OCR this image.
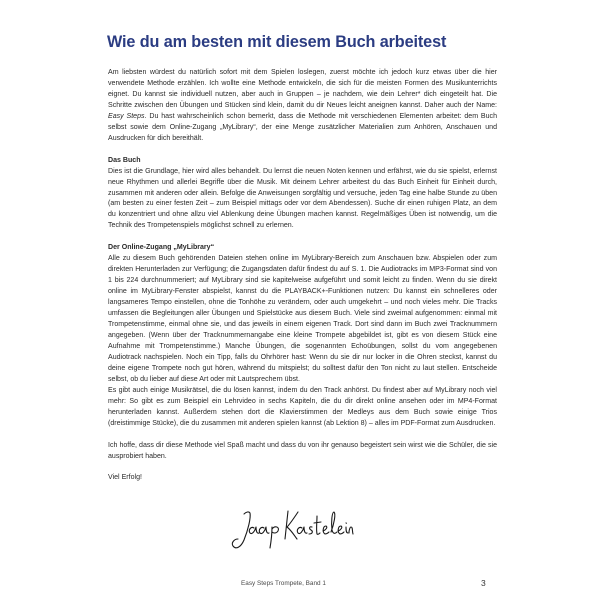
Wie du am besten mit diesem Buch arbeitest

Am liebsten würdest du natürlich sofort mit dem Spielen loslegen, zuerst möchte ich jedoch kurz etwas über die hier verwendete Methode erzählen. Ich wollte eine Methode entwickeln, die sich für die meisten Formen des Musikunterrichts eignet. Du kannst sie individuell nutzen, aber auch in Gruppen – je nachdem, wie dein Lehrer* dich eingeteilt hat. Die Schritte zwischen den Übungen und Stücken sind klein, damit du dir Neues leicht aneignen kannst. Daher auch der Name: Easy Steps. Du hast wahrscheinlich schon bemerkt, dass die Methode mit verschiedenen Elementen arbeitet: dem Buch selbst sowie dem Online-Zugang „MyLibrary“, der eine Menge zusätzlicher Materialien zum Anhören, Anschauen und Ausdrucken für dich bereithält.

Das Buch

Dies ist die Grundlage, hier wird alles behandelt. Du lernst die neuen Noten kennen und erfährst, wie du sie spielst, erlernst neue Rhythmen und allerlei Begriffe über die Musik. Mit deinem Lehrer arbeitest du das Buch Einheit für Einheit durch, zusammen mit anderen oder allein. Befolge die Anweisungen sorgfältig und versuche, jeden Tag eine halbe Stunde zu üben (am besten zu einer festen Zeit – zum Beispiel mittags oder vor dem Abendessen). Suche dir einen ruhigen Platz, an dem du konzentriert und ohne allzu viel Ablenkung deine Übungen machen kannst. Regelmäßiges Üben ist notwendig, um die Technik des Trompetenspiels möglichst schnell zu erlernen.

Der Online-Zugang „MyLibrary“

Alle zu diesem Buch gehörenden Dateien stehen online im MyLibrary-Bereich zum Anschauen bzw. Abspielen oder zum direkten Herunterladen zur Verfügung; die Zugangsdaten dafür findest du auf S. 1. Die Audiotracks im MP3-Format sind von 1 bis 224 durchnummeriert; auf MyLibrary sind sie kapitelweise aufgeführt und somit leicht zu finden. Wenn du sie direkt online im MyLibrary-Fenster abspielst, kannst du die PLAYBACK+-Funktionen nutzen: Du kannst ein schnelleres oder langsameres Tempo einstellen, ohne die Tonhöhe zu verändern, oder auch umgekehrt – und noch vieles mehr. Die Tracks umfassen die Begleitungen aller Übungen und Spielstücke aus diesem Buch. Viele sind zweimal aufgenommen: einmal mit Trompetenstimme, einmal ohne sie, und das jeweils in einem eigenen Track. Dort sind dann im Buch zwei Tracknummern angegeben. (Wenn über der Tracknummernangabe eine kleine Trompete abgebildet ist, gibt es von diesem Stück eine Aufnahme mit Trompetenstimme.) Manche Übungen, die sogenannten Echoübungen, sollst du vom angegebenen Audiotrack nachspielen. Noch ein Tipp, falls du Ohrhörer hast: Wenn du sie dir nur locker in die Ohren steckst, kannst du deine eigene Trompete noch gut hören, während du mitspielst; du solltest dafür den Ton nicht zu laut stellen. Entscheide selbst, ob du lieber auf diese Art oder mit Lautsprechern übst.

Es gibt auch einige Musikrätsel, die du lösen kannst, indem du den Track anhörst. Du findest aber auf MyLibrary noch viel mehr: So gibt es zum Beispiel ein Lehrvideo in sechs Kapiteln, die du dir direkt online ansehen oder im MP4-Format herunterladen kannst. Außerdem stehen dort die Klavierstimmen der Medleys aus dem Buch sowie einige Trios (dreistimmige Stücke), die du zusammen mit anderen spielen kannst (ab Lektion 8) – alles im PDF-Format zum Ausdrucken.

Ich hoffe, dass dir diese Methode viel Spaß macht und dass du von ihr genauso begeistert sein wirst wie die Schüler, die sie ausprobiert haben.

Viel Erfolg!

Easy Steps Trompete, Band 1	3
